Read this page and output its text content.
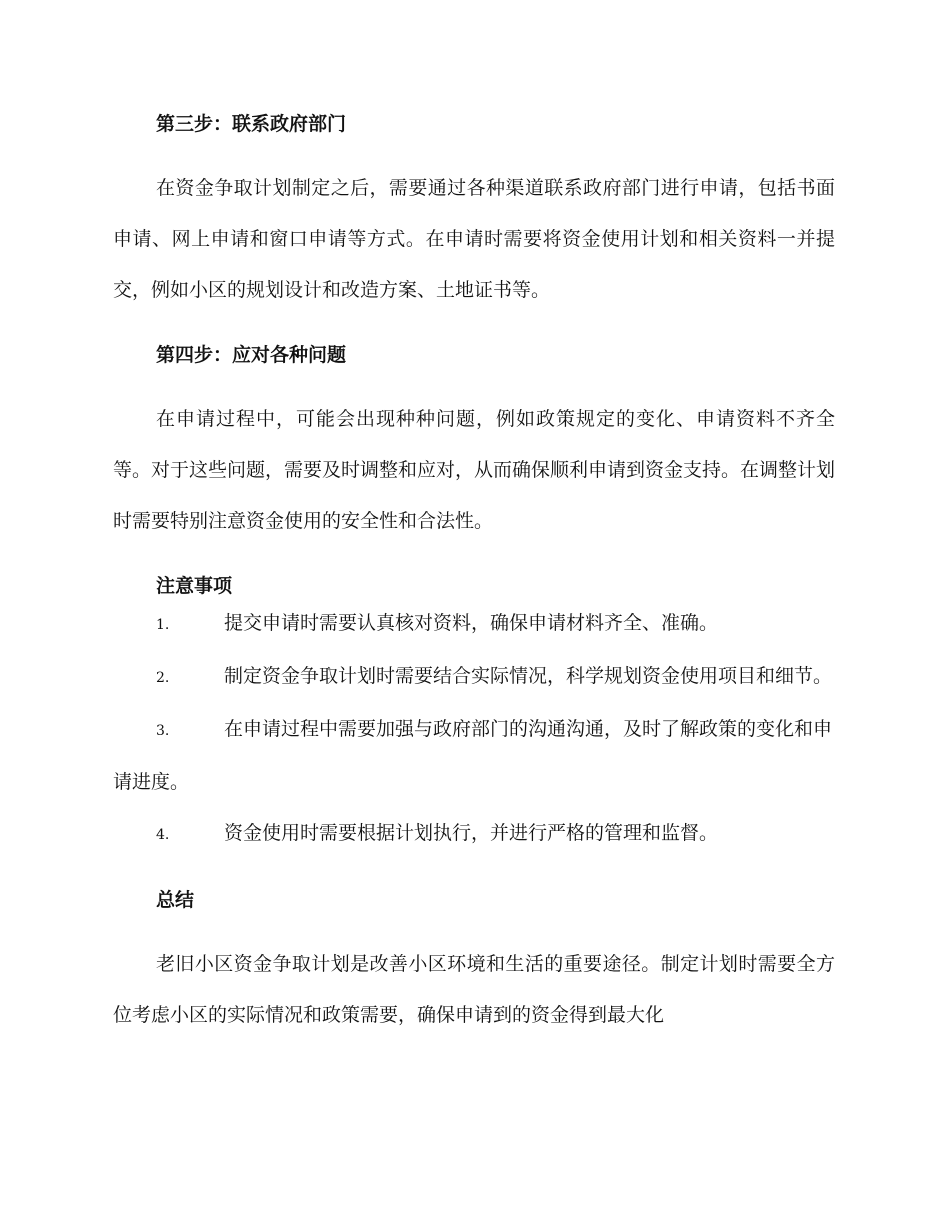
第三步：联系政府部门

在资金争取计划制定之后，需要通过各种渠道联系政府部门进行申请，包括书面申请、网上申请和窗口申请等方式。在申请时需要将资金使用计划和相关资料一并提交，例如小区的规划设计和改造方案、土地证书等。

第四步：应对各种问题

在申请过程中，可能会出现种种问题，例如政策规定的变化、申请资料不齐全等。对于这些问题，需要及时调整和应对，从而确保顺利申请到资金支持。在调整计划时需要特别注意资金使用的安全性和合法性。

注意事项

1.	提交申请时需要认真核对资料，确保申请材料齐全、准确。

2.	制定资金争取计划时需要结合实际情况，科学规划资金使用项目和细节。

3.	在申请过程中需要加强与政府部门的沟通沟通，及时了解政策的变化和申请进度。

4.	资金使用时需要根据计划执行，并进行严格的管理和监督。

总结

老旧小区资金争取计划是改善小区环境和生活的重要途径。制定计划时需要全方位考虑小区的实际情况和政策需要，确保申请到的资金得到最大化
